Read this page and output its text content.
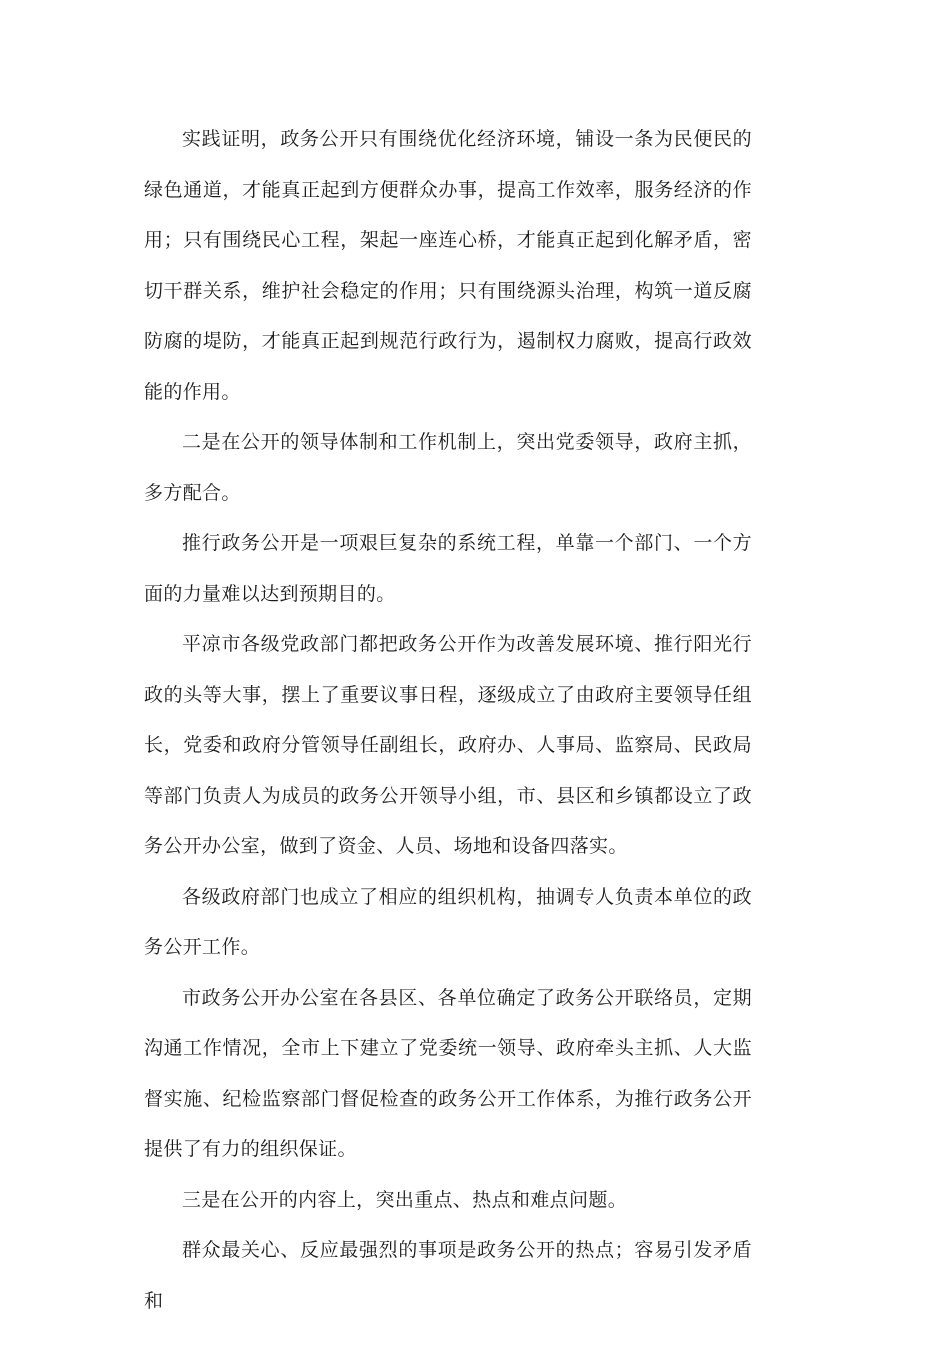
实践证明，政务公开只有围绕优化经济环境，铺设一条为民便民的绿色通道，才能真正起到方便群众办事，提高工作效率，服务经济的作用；只有围绕民心工程，架起一座连心桥，才能真正起到化解矛盾，密切干群关系，维护社会稳定的作用；只有围绕源头治理，构筑一道反腐防腐的堤防，才能真正起到规范行政行为，遏制权力腐败，提高行政效能的作用。

二是在公开的领导体制和工作机制上，突出党委领导，政府主抓，多方配合。

推行政务公开是一项艰巨复杂的系统工程，单靠一个部门、一个方面的力量难以达到预期目的。

平凉市各级党政部门都把政务公开作为改善发展环境、推行阳光行政的头等大事，摆上了重要议事日程，逐级成立了由政府主要领导任组长，党委和政府分管领导任副组长，政府办、人事局、监察局、民政局等部门负责人为成员的政务公开领导小组，市、县区和乡镇都设立了政务公开办公室，做到了资金、人员、场地和设备四落实。

各级政府部门也成立了相应的组织机构，抽调专人负责本单位的政务公开工作。

市政务公开办公室在各县区、各单位确定了政务公开联络员，定期沟通工作情况，全市上下建立了党委统一领导、政府牵头主抓、人大监督实施、纪检监察部门督促检查的政务公开工作体系，为推行政务公开提供了有力的组织保证。

三是在公开的内容上，突出重点、热点和难点问题。

群众最关心、反应最强烈的事项是政务公开的热点；容易引发矛盾和
